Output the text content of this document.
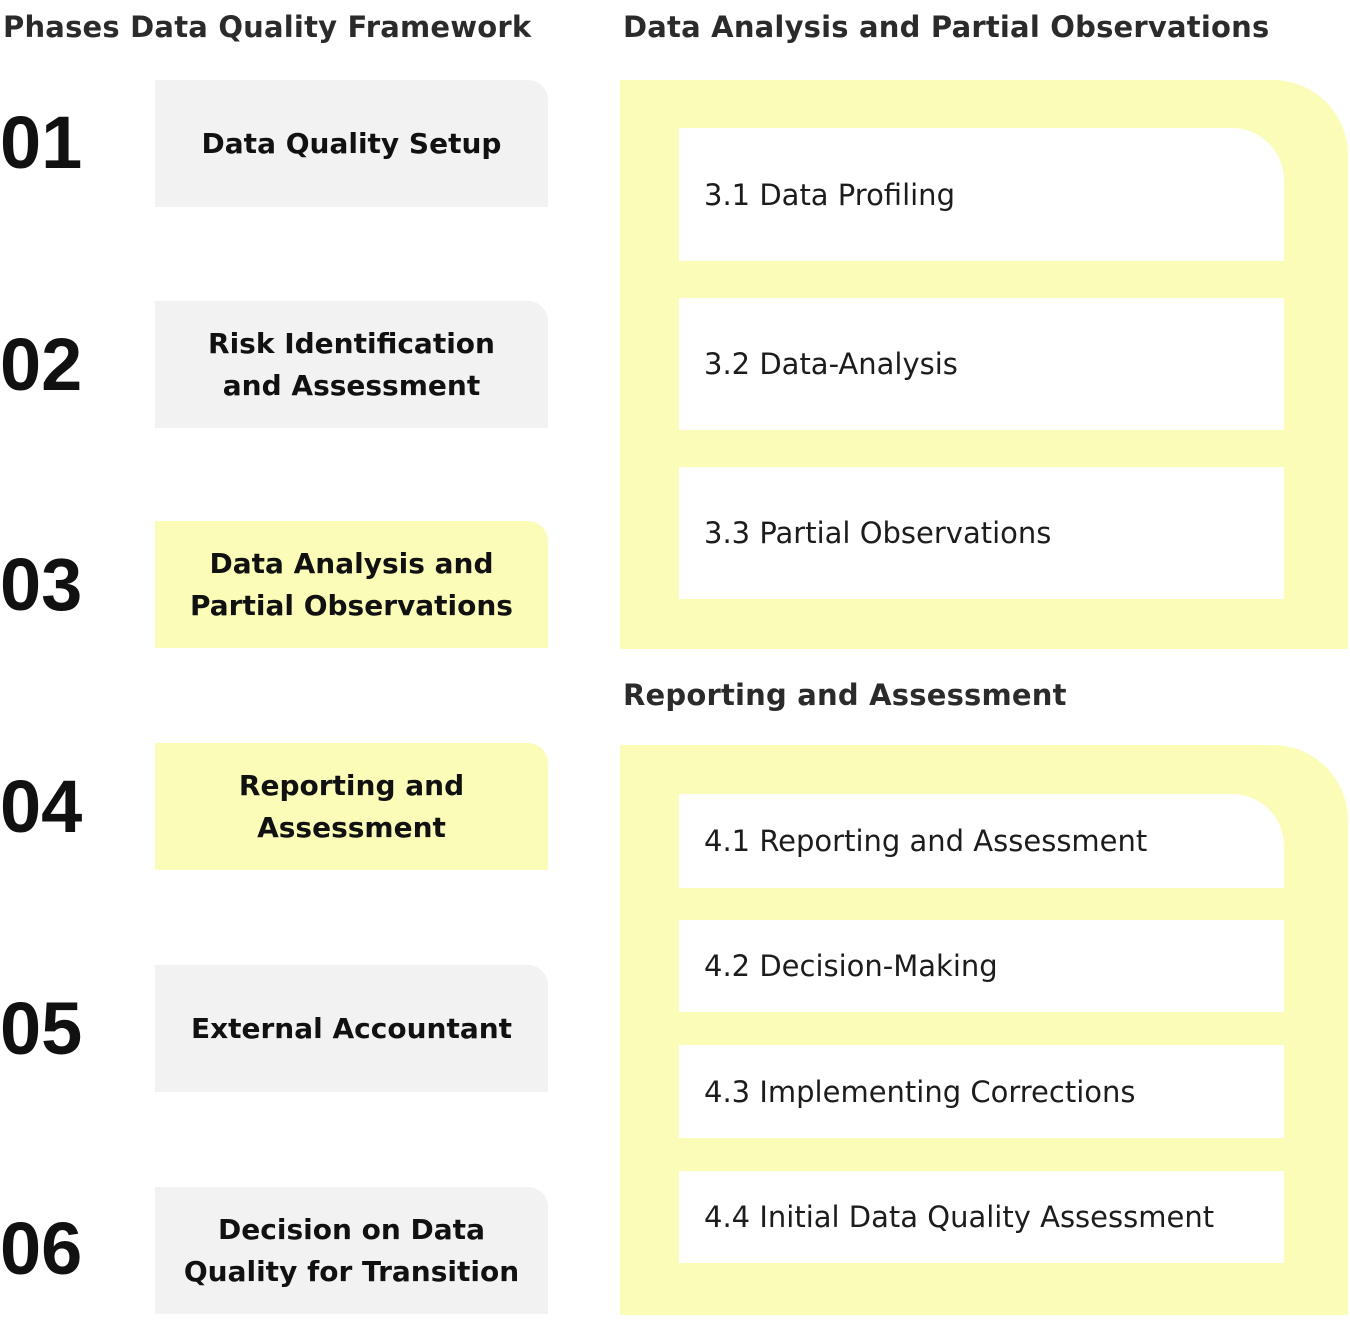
Phases Data Quality Framework	Data Analysis and Partial Observations
Reporting and Assessment
01	Data Quality Setup
02	Risk Identification and Assessment
03	Data Analysis and Partial Observations
04	Reporting and Assessment
05	External Accountant
06	Decision on Data Quality for Transition
3.1 Data Profiling
3.2 Data-Analysis
3.3 Partial Observations
4.1 Reporting and Assessment
4.2 Decision-Making
4.3 Implementing Corrections
4.4 Initial Data Quality Assessment
